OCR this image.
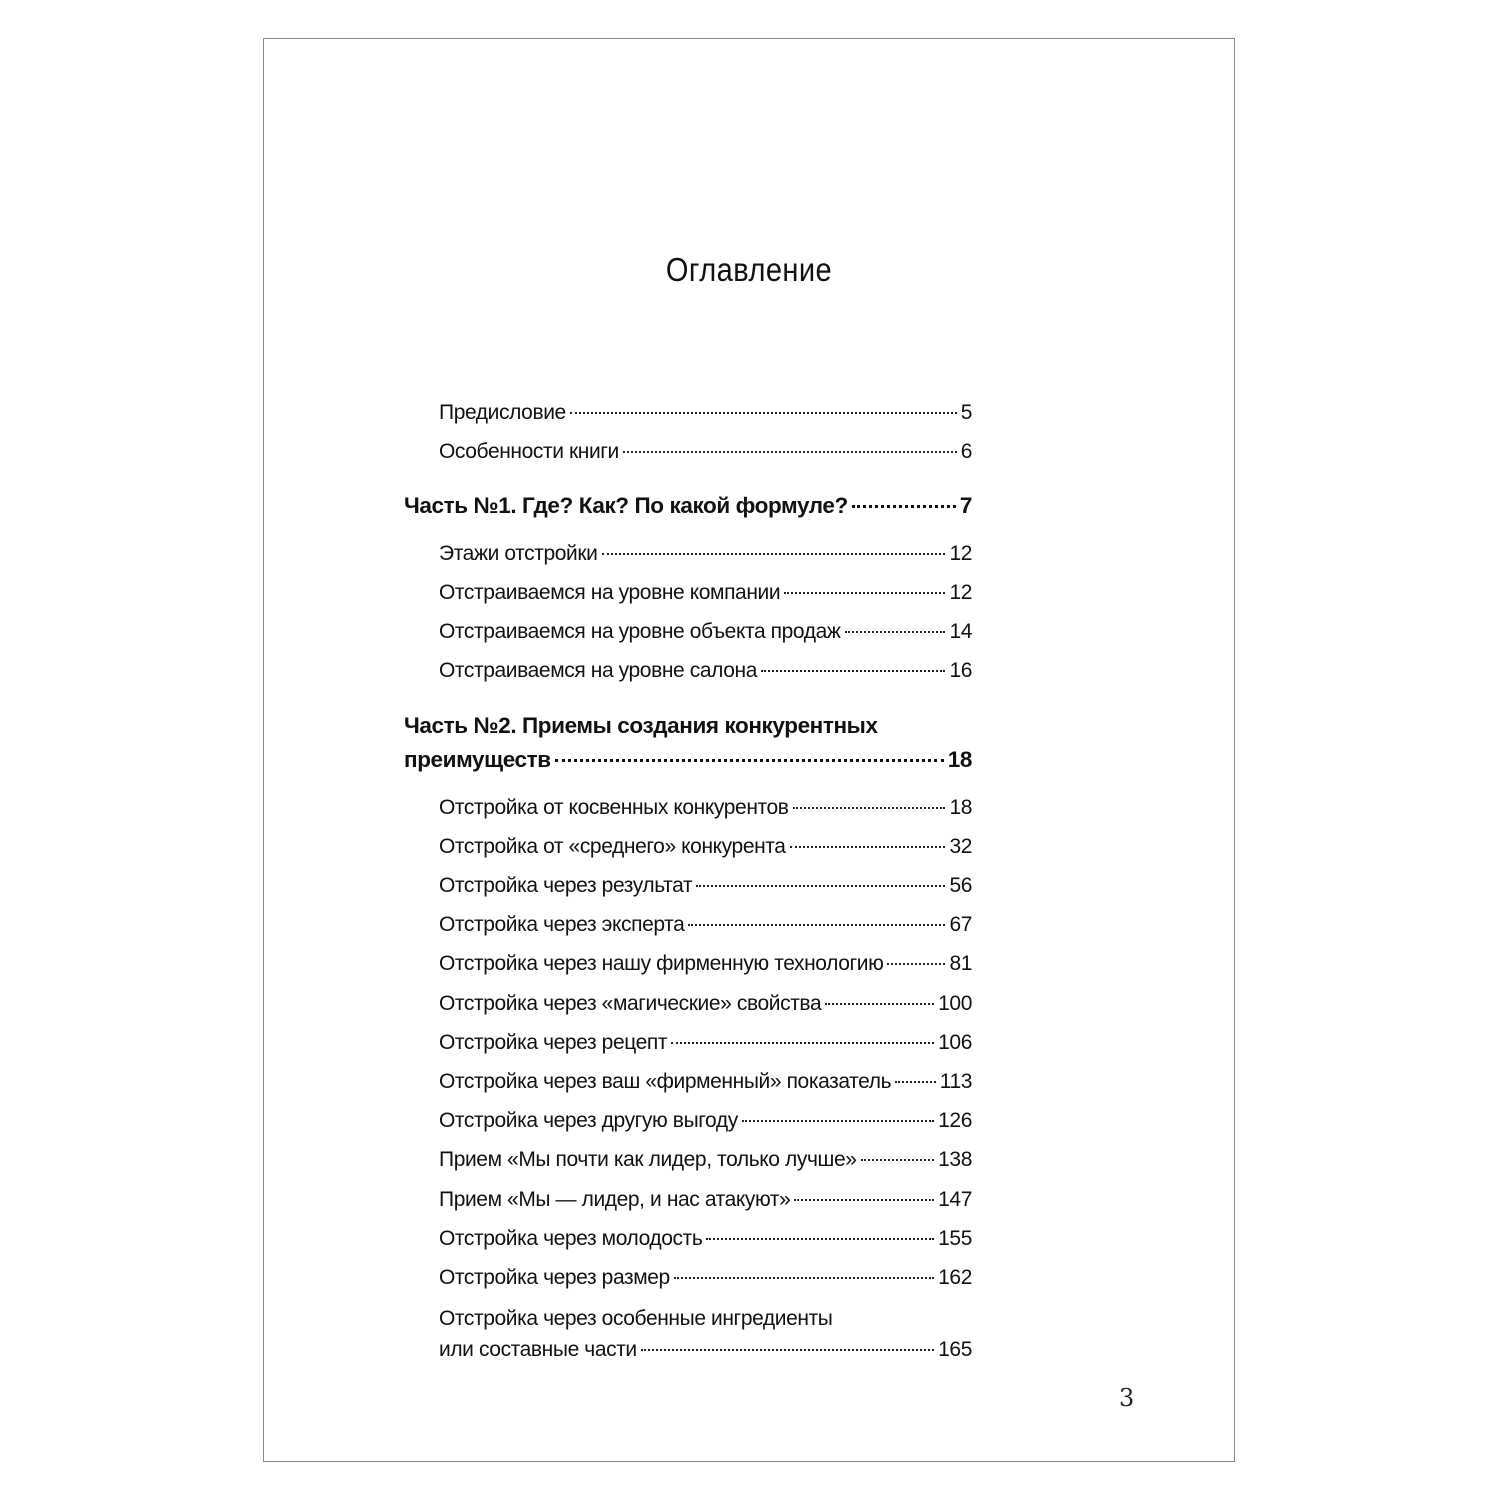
Оглавление
Предисловие	5
Особенности книги	6
Часть №1. Где? Как? По какой формуле?	7
Этажи отстройки	12
Отстраиваемся на уровне компании	12
Отстраиваемся на уровне объекта продаж	14
Отстраиваемся на уровне салона	16
Часть №2. Приемы создания конкурентных
преимуществ	18
Отстройка от косвенных конкурентов	18
Отстройка от «среднего» конкурента	32
Отстройка через результат	56
Отстройка через эксперта	67
Отстройка через нашу фирменную технологию	81
Отстройка через «магические» свойства	100
Отстройка через рецепт	106
Отстройка через ваш «фирменный» показатель 113
Отстройка через другую выгоду	126
Прием «Мы почти как лидер, только лучше»	138
Прием «Мы — лидер, и нас атакуют»	147
Отстройка через молодость	155
Отстройка через размер	162
Отстройка через особенные ингредиенты
или составные части	165
3
